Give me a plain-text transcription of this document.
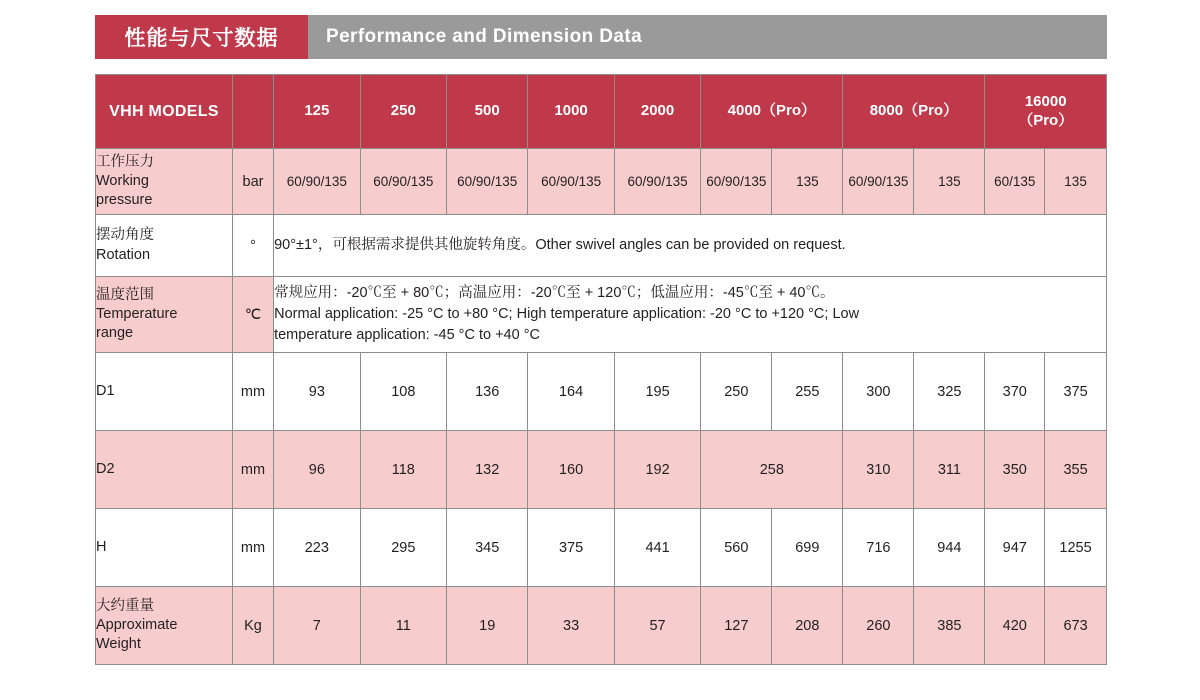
性能与尺寸数据	Performance and Dimension Data
VHH MODELS		125	250	500	1000	2000	4000（Pro）		8000（Pro）		16000
（Pro）	

工作压力
Working
pressure	bar	60/90/135	60/90/135	60/90/135	60/90/135	60/90/135	60/90/135	135	60/90/135	135	60/135	135

摆动角度
Rotation	°	90°±1°，可根据需求提供其他旋转角度。Other swivel angles can be provided on request.										

温度范围
Temperature
range
	℃	
常规应用：-20℃至 + 80℃；高温应用：-20℃至 + 120℃；低温应用：-45℃至 + 40℃。
Normal application: -25 °C to +80 °C; High temperature application: -20 °C to +120 °C; Low
temperature application: -45 °C to +40 °C

D1	mm	93	108	136	164	195	250	255	300	325	370	375
D2	mm	96	118	132	160	192	258		310	311	350	355
H	mm	223	295	345	375	441	560	699	716	944	947	1255

大约重量
Approximate
Weight	Kg	7	11	19	33	57	127	208	260	385	420	673
